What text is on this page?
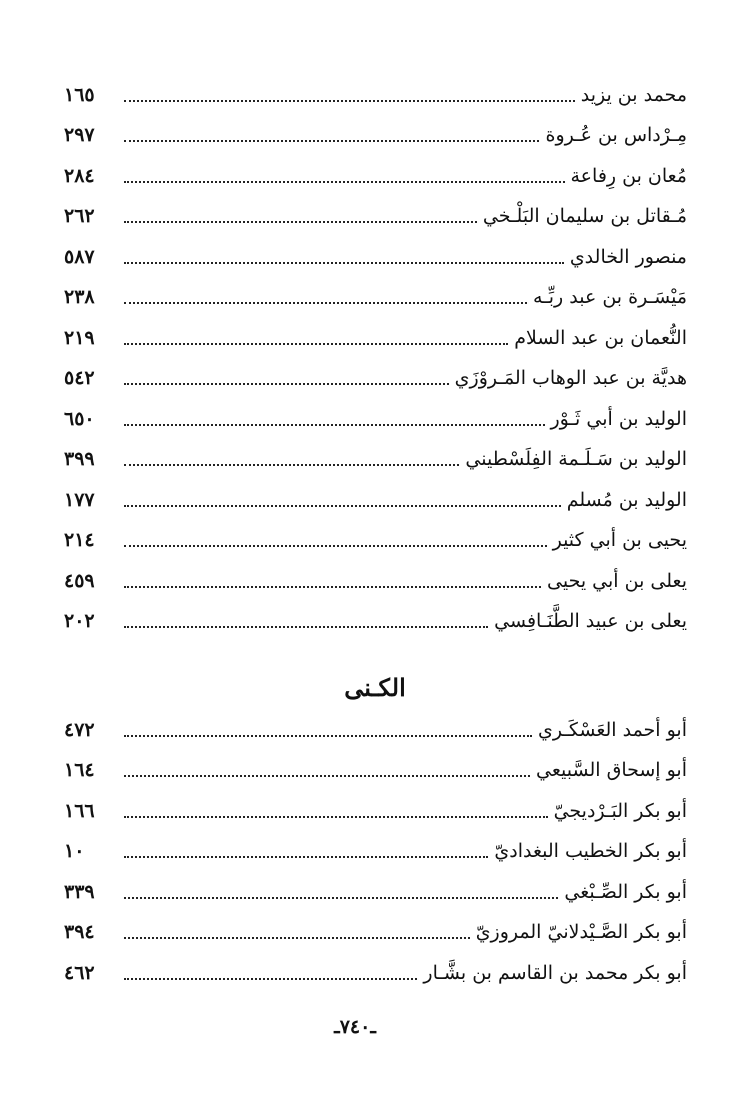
محمد بن يزيد
١٦٥
مِـرْداس بن عُـروة
٢٩٧
مُعان بن رِفاعة
٢٨٤
مُـقاتل بن سليمان البَلْـخي
٢٦٢
منصور الخالدي
٥٨٧
مَيْسَـرة بن عبد ربِّـه
٢٣٨
النُّعمان بن عبد السلام
٢١٩
هديَّة بن عبد الوهاب المَـروْزَي
٥٤٢
الوليد بن أبي ثَـوْر
٦٥٠
الوليد بن سَـلَـمة الفِلَسْطيني
٣٩٩
الوليد بن مُسلم
١٧٧
يحيى بن أبي كثير
٢١٤
يعلى بن أبي يحيى
٤٥٩
يعلى بن عبيد الطَّنَـافِسي
٢٠٢
الكـنى
أبو أحمد العَسْكَـري
٤٧٢
أبو إسحاق السَّبيعي
١٦٤
أبو بكر البَـرْديجيّ
١٦٦
أبو بكر الخطيب البغداديّ
١٠
أبو بكر الصِّـبْغي
٣٣٩
أبو بكر الصَّـيْدلانيّ المروزيّ
٣٩٤
أبو بكر محمد بن القاسم بن بشَّـار
٤٦٢
ـ٧٤٠ـ
